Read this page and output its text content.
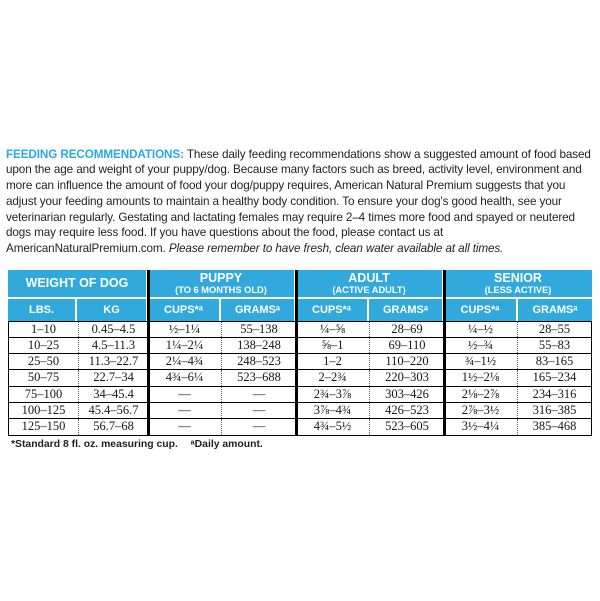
FEEDING RECOMMENDATIONS: These daily feeding recommendations show a suggested amount of food based upon the age and weight of your puppy/dog. Because many factors such as breed, activity level, environment and more can influence the amount of food your dog/puppy requires, American Natural Premium suggests that you adjust your feeding amounts to maintain a healthy body condition. To ensure your dog's good health, see your veterinarian regularly. Gestating and lactating females may require 2–4 times more food and spayed or neutered dogs may require less food. If you have questions about the food, please contact us at AmericanNaturalPremium.com. Please remember to have fresh, clean water available at all times.

WEIGHT OF DOG
LBS.	KG
PUPPY
(TO 6 MONTHS OLD)
CUPS*ᵃ	GRAMSᵃ
ADULT
(ACTIVE ADULT)
CUPS*ᵃ	GRAMSᵃ
SENIOR
(LESS ACTIVE)
CUPS*ᵃ	GRAMSᵃ
1–10	0.45–4.5	½–1¼	55–138	¼–⅝	28–69	¼–½	28–55
10–25	4.5–11.3	1¼–2¼	138–248	⅝–1	69–110	½–¾	55–83
25–50	11.3–22.7	2¼–4¾	248–523	1–2	110–220	¾–1½	83–165
50–75	22.7–34	4¾–6¼	523–688	2–2¾	220–303	1½–2⅛	165–234
75–100	34–45.4	—	—	2¾–3⅞	303–426	2⅛–2⅞	234–316
100–125	45.4–56.7	—	—	3⅞–4¾	426–523	2⅞–3½	316–385
125–150	56.7–68	—	—	4¾–5½	523–605	3½–4¼	385–468
*Standard 8 fl. oz. measuring cup. ᵃDaily amount.
